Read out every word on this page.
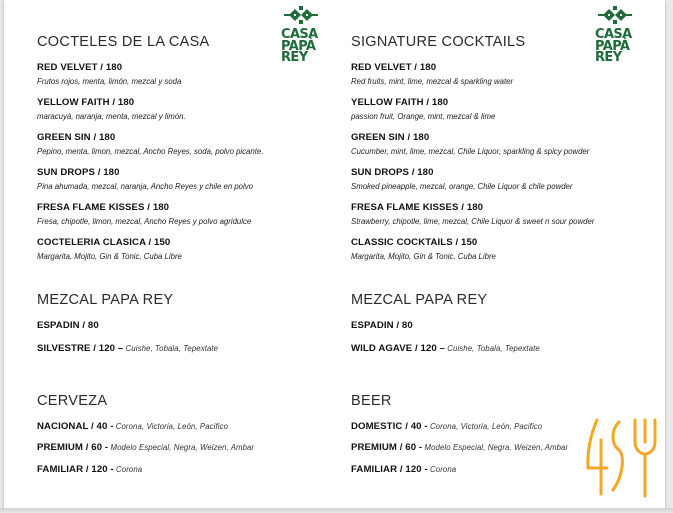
CASA
PAPÁ
REY
COCTELES DE LA CASA
RED VELVET / 180
Frutos rojos, menta, limón, mezcal y soda
YELLOW FAITH / 180
maracuyá, naranja, menta, mezcal y limón.
GREEN SIN / 180
Pepino, menta, limon, mezcal, Ancho Reyes, soda, polvo picante.
SUN DROPS / 180
Pina ahumada, mezcal, naranja, Ancho Reyes y chile en polvo
FRESA FLAME KISSES / 180
Fresa, chipotle, limon, mezcal, Ancho Reyes y polvo agridulce
COCTELERIA CLASICA / 150
Margarita, Mojito, Gin & Tonic, Cuba Libre
MEZCAL PAPA REY
ESPADIN / 80
SILVESTRE / 120 – Cuishe, Tobala, Tepextate
CERVEZA
NACIONAL / 40 - Corona, Victoria, León, Pacifico
PREMIUM / 60 - Modelo Especial, Negra, Weizen, Ambar
FAMILIAR / 120 - Corona
CASA
PAPÁ
REY
SIGNATURE COCKTAILS
RED VELVET / 180
Red fruits, mint, lime, mezcal & sparkling water
YELLOW FAITH / 180
passion fruit, Orange, mint, mezcal & lime
GREEN SIN / 180
Cucumber, mint, lime, mezcal, Chile Liquor, sparkling & spicy powder
SUN DROPS / 180
Smoked pineapple, mezcal, orange, Chile Liquor & chile powder
FRESA FLAME KISSES / 180
Strawberry, chipotle, lime, mezcal, Chile Liquor & sweet n sour powder
CLASSIC COCKTAILS / 150
Margarita, Mojito, Gin & Tonic, Cuba Libre
MEZCAL PAPA REY
ESPADIN / 80
WILD AGAVE / 120 – Cuishe, Tobala, Tepextate
BEER
DOMESTIC / 40 - Corona, Victoria, León, Pacifico
PREMIUM / 60 - Modelo Especial, Negra, Weizen, Ambar
FAMILIAR / 120 - Corona
